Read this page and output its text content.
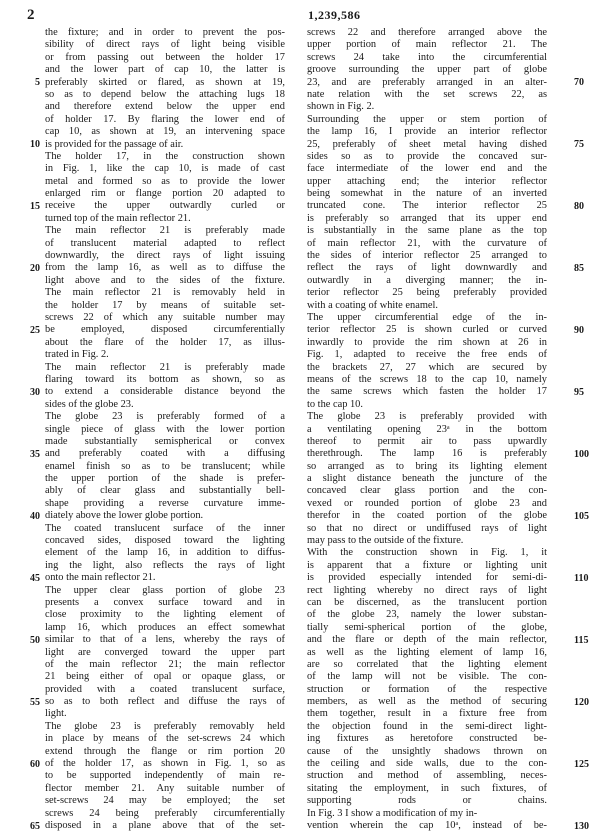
2	1,239,586
the fixture; and in order to prevent the pos-
sibility of direct rays of light being visible
or from passing out between the holder 17
and the lower part of cap 10, the latter is
preferably skirted or flared, as shown at 19,
so as to depend below the attaching lugs 18
and therefore extend below the upper end
of holder 17. By flaring the lower end of
cap 10, as shown at 19, an intervening space
is provided for the passage of air.
The holder 17, in the construction shown
in Fig. 1, like the cap 10, is made of cast
metal and formed so as to provide the lower
enlarged rim or flange portion 20 adapted to
receive the upper outwardly curled or
turned top of the main reflector 21.
The main reflector 21 is preferably made
of translucent material adapted to reflect
downwardly, the direct rays of light issuing
from the lamp 16, as well as to diffuse the
light above and to the sides of the fixture.
The main reflector 21 is removably held in
the holder 17 by means of suitable set-
screws 22 of which any suitable number may
be employed, disposed circumferentially
about the flare of the holder 17, as illus-
trated in Fig. 2.
The main reflector 21 is preferably made
flaring toward its bottom as shown, so as
to extend a considerable distance beyond the
sides of the globe 23.
The globe 23 is preferably formed of a
single piece of glass with the lower portion
made substantially semispherical or convex
and preferably coated with a diffusing
enamel finish so as to be translucent; while
the upper portion of the shade is prefer-
ably of clear glass and substantially bell-
shape providing a reverse curvature imme-
diately above the lower globe portion.
The coated translucent surface of the inner
concaved sides, disposed toward the lighting
element of the lamp 16, in addition to diffus-
ing the light, also reflects the rays of light
onto the main reflector 21.
The upper clear glass portion of globe 23
presents a convex surface toward and in
close proximity to the lighting element of
lamp 16, which produces an effect somewhat
similar to that of a lens, whereby the rays of
light are converged toward the upper part
of the main reflector 21; the main reflector
21 being either of opal or opaque glass, or
provided with a coated translucent surface,
so as to both reflect and diffuse the rays of
light.
The globe 23 is preferably removably held
in place by means of the set-screws 24 which
extend through the flange or rim portion 20
of the holder 17, as shown in Fig. 1, so as
to be supported independently of main re-
flector member 21. Any suitable number of
set-screws 24 may be employed; the set
screws 24 being preferably circumferentially
disposed in a plane above that of the set-
screws 22 and therefore arranged above the
upper portion of main reflector 21. The
screws 24 take into the circumferential
groove surrounding the upper part of globe
23, and are preferably arranged in an alter-
nate relation with the set screws 22, as
shown in Fig. 2.
Surrounding the upper or stem portion of
the lamp 16, I provide an interior reflector
25, preferably of sheet metal having dished
sides so as to provide the concaved sur-
face intermediate of the lower end and the
upper attaching end; the interior reflector
being somewhat in the nature of an inverted
truncated cone. The interior reflector 25
is preferably so arranged that its upper end
is substantially in the same plane as the top
of main reflector 21, with the curvature of
the sides of interior reflector 25 arranged to
reflect the rays of light downwardly and
outwardly in a diverging manner; the in-
terior reflector 25 being preferably provided
with a coating of white enamel.
The upper circumferential edge of the in-
terior reflector 25 is shown curled or curved
inwardly to provide the rim shown at 26 in
Fig. 1, adapted to receive the free ends of
the brackets 27, 27 which are secured by
means of the screws 18 to the cap 10, namely
the same screws which fasten the holder 17
to the cap 10.
The globe 23 is preferably provided with
a ventilating opening 23ᵃ in the bottom
thereof to permit air to pass upwardly
therethrough. The lamp 16 is preferably
so arranged as to bring its lighting element
a slight distance beneath the juncture of the
concaved clear glass portion and the con-
vexed or rounded portion of globe 23 and
therefor in the coated portion of the globe
so that no direct or undiffused rays of light
may pass to the outside of the fixture.
With the construction shown in Fig. 1, it
is apparent that a fixture or lighting unit
is provided especially intended for semi-di-
rect lighting whereby no direct rays of light
can be discerned, as the translucent portion
of the globe 23, namely the lower substan-
tially semi-spherical portion of the globe,
and the flare or depth of the main reflector,
as well as the lighting element of lamp 16,
are so correlated that the lighting element
of the lamp will not be visible. The con-
struction or formation of the respective
members, as well as the method of securing
them together, result in a fixture free from
the objection found in the semi-direct light-
ing fixtures as heretofore constructed be-
cause of the unsightly shadows thrown on
the ceiling and side walls, due to the con-
struction and method of assembling, neces-
sitating the employment, in such fixtures, of
supporting rods or chains.
In Fig. 3 I show a modification of my in-
vention wherein the cap 10ᵃ, instead of be-
5
10
15
20
25
30
35
40
45
50
55
60
65
70
75
80
85
90
95
100
105
110
115
120
125
130
